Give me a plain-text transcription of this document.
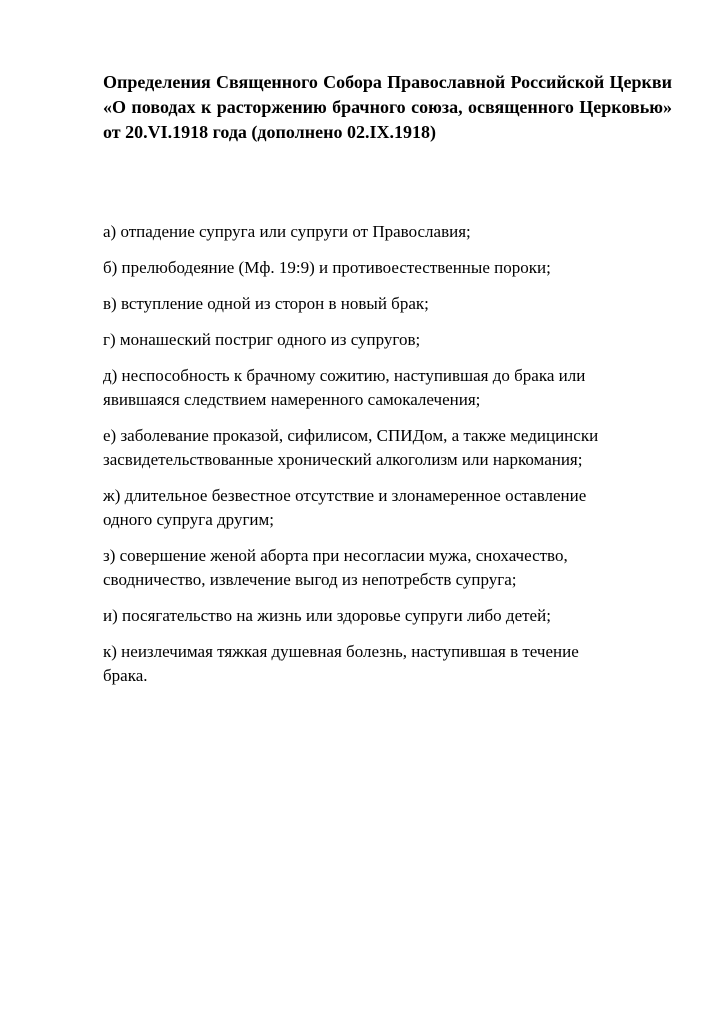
Определения Священного Собора Православной Российской Церкви «О поводах к расторжению брачного союза, освященного Церковью» от 20.VI.1918 года (дополнено 02.IX.1918)
а) отпадение супруга или супруги от Православия;
б) прелюбодеяние (Мф. 19:9) и противоестественные пороки;
в) вступление одной из сторон в новый брак;
г) монашеский постриг одного из супругов;
д) неспособность к брачному сожитию, наступившая до брака или
явившаяся следствием намеренного самокалечения;
е) заболевание проказой, сифилисом, СПИДом, а также медицински
засвидетельствованные хронический алкоголизм или наркомания;
ж) длительное безвестное отсутствие и злонамеренное оставление
одного супруга другим;
з) совершение женой аборта при несогласии мужа, снохачество,
сводничество, извлечение выгод из непотребств супруга;
и) посягательство на жизнь или здоровье супруги либо детей;
к) неизлечимая тяжкая душевная болезнь, наступившая в течение
брака.
